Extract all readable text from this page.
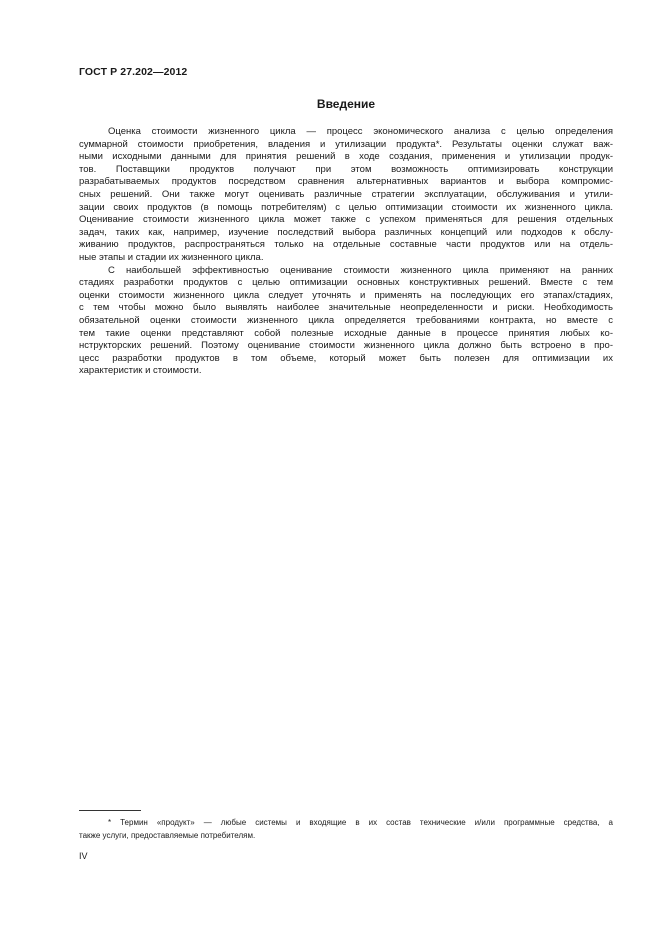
ГОСТ Р 27.202—2012
Введение
Оценка стоимости жизненного цикла — процесс экономического анализа с целью определения
суммарной стоимости приобретения, владения и утилизации продукта*. Результаты оценки служат важ-
ными исходными данными для принятия решений в ходе создания, применения и утилизации продук-
тов. Поставщики продуктов получают при этом возможность оптимизировать конструкции
разрабатываемых продуктов посредством сравнения альтернативных вариантов и выбора компромис-
сных решений. Они также могут оценивать различные стратегии эксплуатации, обслуживания и утили-
зации своих продуктов (в помощь потребителям) с целью оптимизации стоимости их жизненного цикла.
Оценивание стоимости жизненного цикла может также с успехом применяться для решения отдельных
задач, таких как, например, изучение последствий выбора различных концепций или подходов к обслу-
живанию продуктов, распространяться только на отдельные составные части продуктов или на отдель-
ные этапы и стадии их жизненного цикла.
С наибольшей эффективностью оценивание стоимости жизненного цикла применяют на ранних
стадиях разработки продуктов с целью оптимизации основных конструктивных решений. Вместе с тем
оценки стоимости жизненного цикла следует уточнять и применять на последующих его этапах/стадиях,
с тем чтобы можно было выявлять наиболее значительные неопределенности и риски. Необходимость
обязательной оценки стоимости жизненного цикла определяется требованиями контракта, но вместе с
тем такие оценки представляют собой полезные исходные данные в процессе принятия любых ко-
нструкторских решений. Поэтому оценивание стоимости жизненного цикла должно быть встроено в про-
цесс разработки продуктов в том объеме, который может быть полезен для оптимизации их
характеристик и стоимости.
* Термин «продукт» — любые системы и входящие в их состав технические и/или программные средства, а
также услуги, предоставляемые потребителям.
IV
